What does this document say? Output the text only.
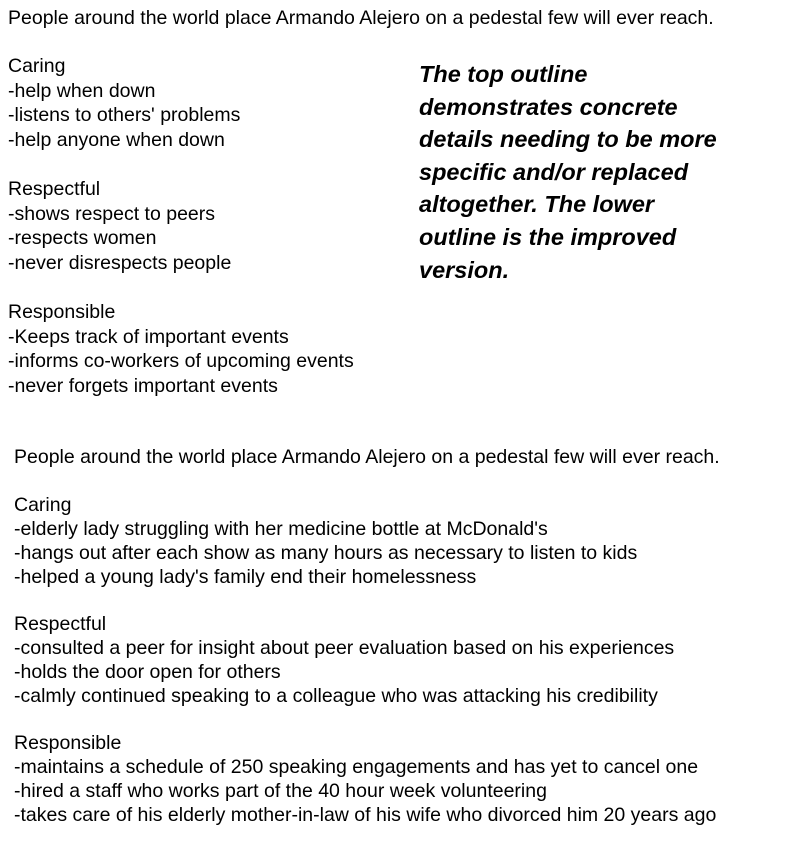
People around the world place Armando Alejero on a pedestal few will ever reach.
Caring
-help when down
-listens to others' problems
-help anyone when down
Respectful
-shows respect to peers
-respects women
-never disrespects people
Responsible
-Keeps track of important events
-informs co-workers of upcoming events
-never forgets important events
The top outline
demonstrates concrete
details needing to be more
specific and/or replaced
altogether. The lower
outline is the improved
version.
People around the world place Armando Alejero on a pedestal few will ever reach.
Caring
-elderly lady struggling with her medicine bottle at McDonald's
-hangs out after each show as many hours as necessary to listen to kids
-helped a young lady's family end their homelessness
Respectful
-consulted a peer for insight about peer evaluation based on his experiences
-holds the door open for others
-calmly continued speaking to a colleague who was attacking his credibility
Responsible
-maintains a schedule of 250 speaking engagements and has yet to cancel one
-hired a staff who works part of the 40 hour week volunteering
-takes care of his elderly mother-in-law of his wife who divorced him 20 years ago
